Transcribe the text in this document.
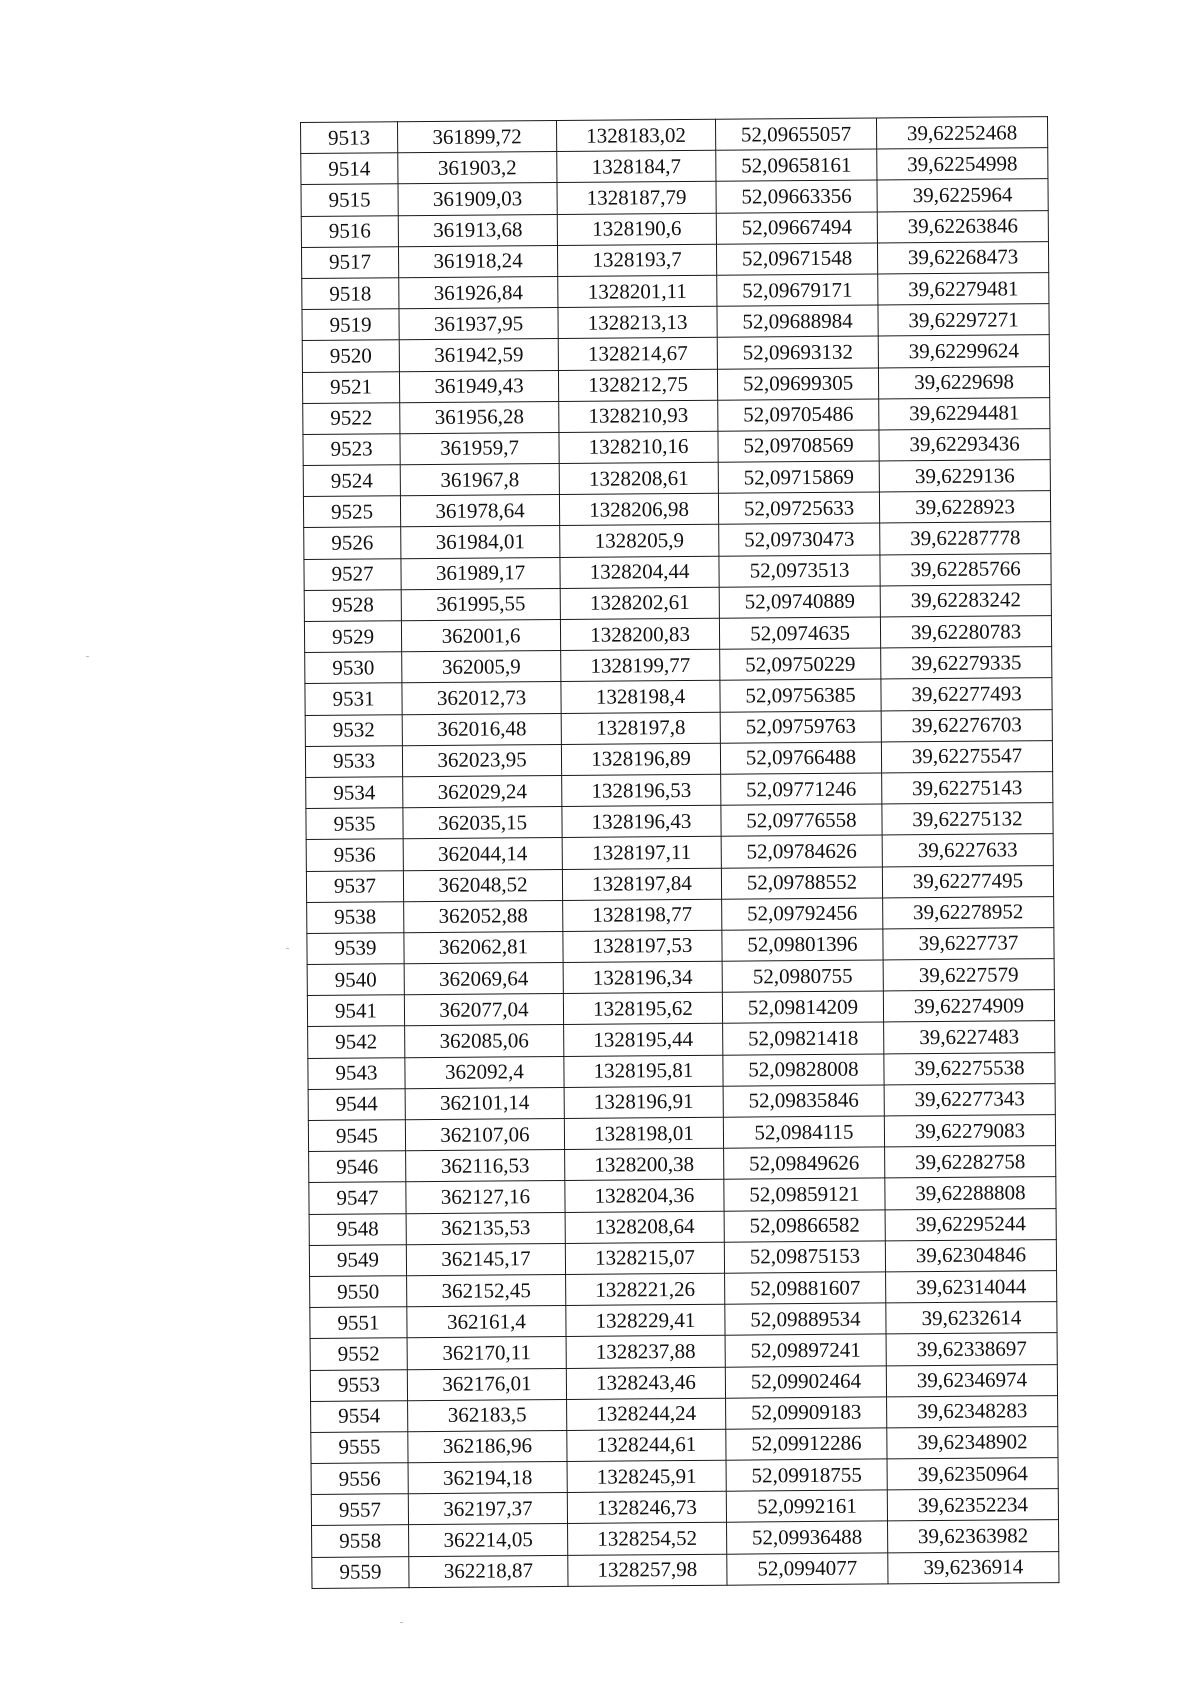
9513	361899,72	1328183,02	52,09655057	39,62252468
9514	361903,2	1328184,7	52,09658161	39,62254998
9515	361909,03	1328187,79	52,09663356	39,6225964
9516	361913,68	1328190,6	52,09667494	39,62263846
9517	361918,24	1328193,7	52,09671548	39,62268473
9518	361926,84	1328201,11	52,09679171	39,62279481
9519	361937,95	1328213,13	52,09688984	39,62297271
9520	361942,59	1328214,67	52,09693132	39,62299624
9521	361949,43	1328212,75	52,09699305	39,6229698
9522	361956,28	1328210,93	52,09705486	39,62294481
9523	361959,7	1328210,16	52,09708569	39,62293436
9524	361967,8	1328208,61	52,09715869	39,6229136
9525	361978,64	1328206,98	52,09725633	39,6228923
9526	361984,01	1328205,9	52,09730473	39,62287778
9527	361989,17	1328204,44	52,0973513	39,62285766
9528	361995,55	1328202,61	52,09740889	39,62283242
9529	362001,6	1328200,83	52,0974635	39,62280783
9530	362005,9	1328199,77	52,09750229	39,62279335
9531	362012,73	1328198,4	52,09756385	39,62277493
9532	362016,48	1328197,8	52,09759763	39,62276703
9533	362023,95	1328196,89	52,09766488	39,62275547
9534	362029,24	1328196,53	52,09771246	39,62275143
9535	362035,15	1328196,43	52,09776558	39,62275132
9536	362044,14	1328197,11	52,09784626	39,6227633
9537	362048,52	1328197,84	52,09788552	39,62277495
9538	362052,88	1328198,77	52,09792456	39,62278952
9539	362062,81	1328197,53	52,09801396	39,6227737
9540	362069,64	1328196,34	52,0980755	39,6227579
9541	362077,04	1328195,62	52,09814209	39,62274909
9542	362085,06	1328195,44	52,09821418	39,6227483
9543	362092,4	1328195,81	52,09828008	39,62275538
9544	362101,14	1328196,91	52,09835846	39,62277343
9545	362107,06	1328198,01	52,0984115	39,62279083
9546	362116,53	1328200,38	52,09849626	39,62282758
9547	362127,16	1328204,36	52,09859121	39,62288808
9548	362135,53	1328208,64	52,09866582	39,62295244
9549	362145,17	1328215,07	52,09875153	39,62304846
9550	362152,45	1328221,26	52,09881607	39,62314044
9551	362161,4	1328229,41	52,09889534	39,6232614
9552	362170,11	1328237,88	52,09897241	39,62338697
9553	362176,01	1328243,46	52,09902464	39,62346974
9554	362183,5	1328244,24	52,09909183	39,62348283
9555	362186,96	1328244,61	52,09912286	39,62348902
9556	362194,18	1328245,91	52,09918755	39,62350964
9557	362197,37	1328246,73	52,0992161	39,62352234
9558	362214,05	1328254,52	52,09936488	39,62363982
9559	362218,87	1328257,98	52,0994077	39,6236914
